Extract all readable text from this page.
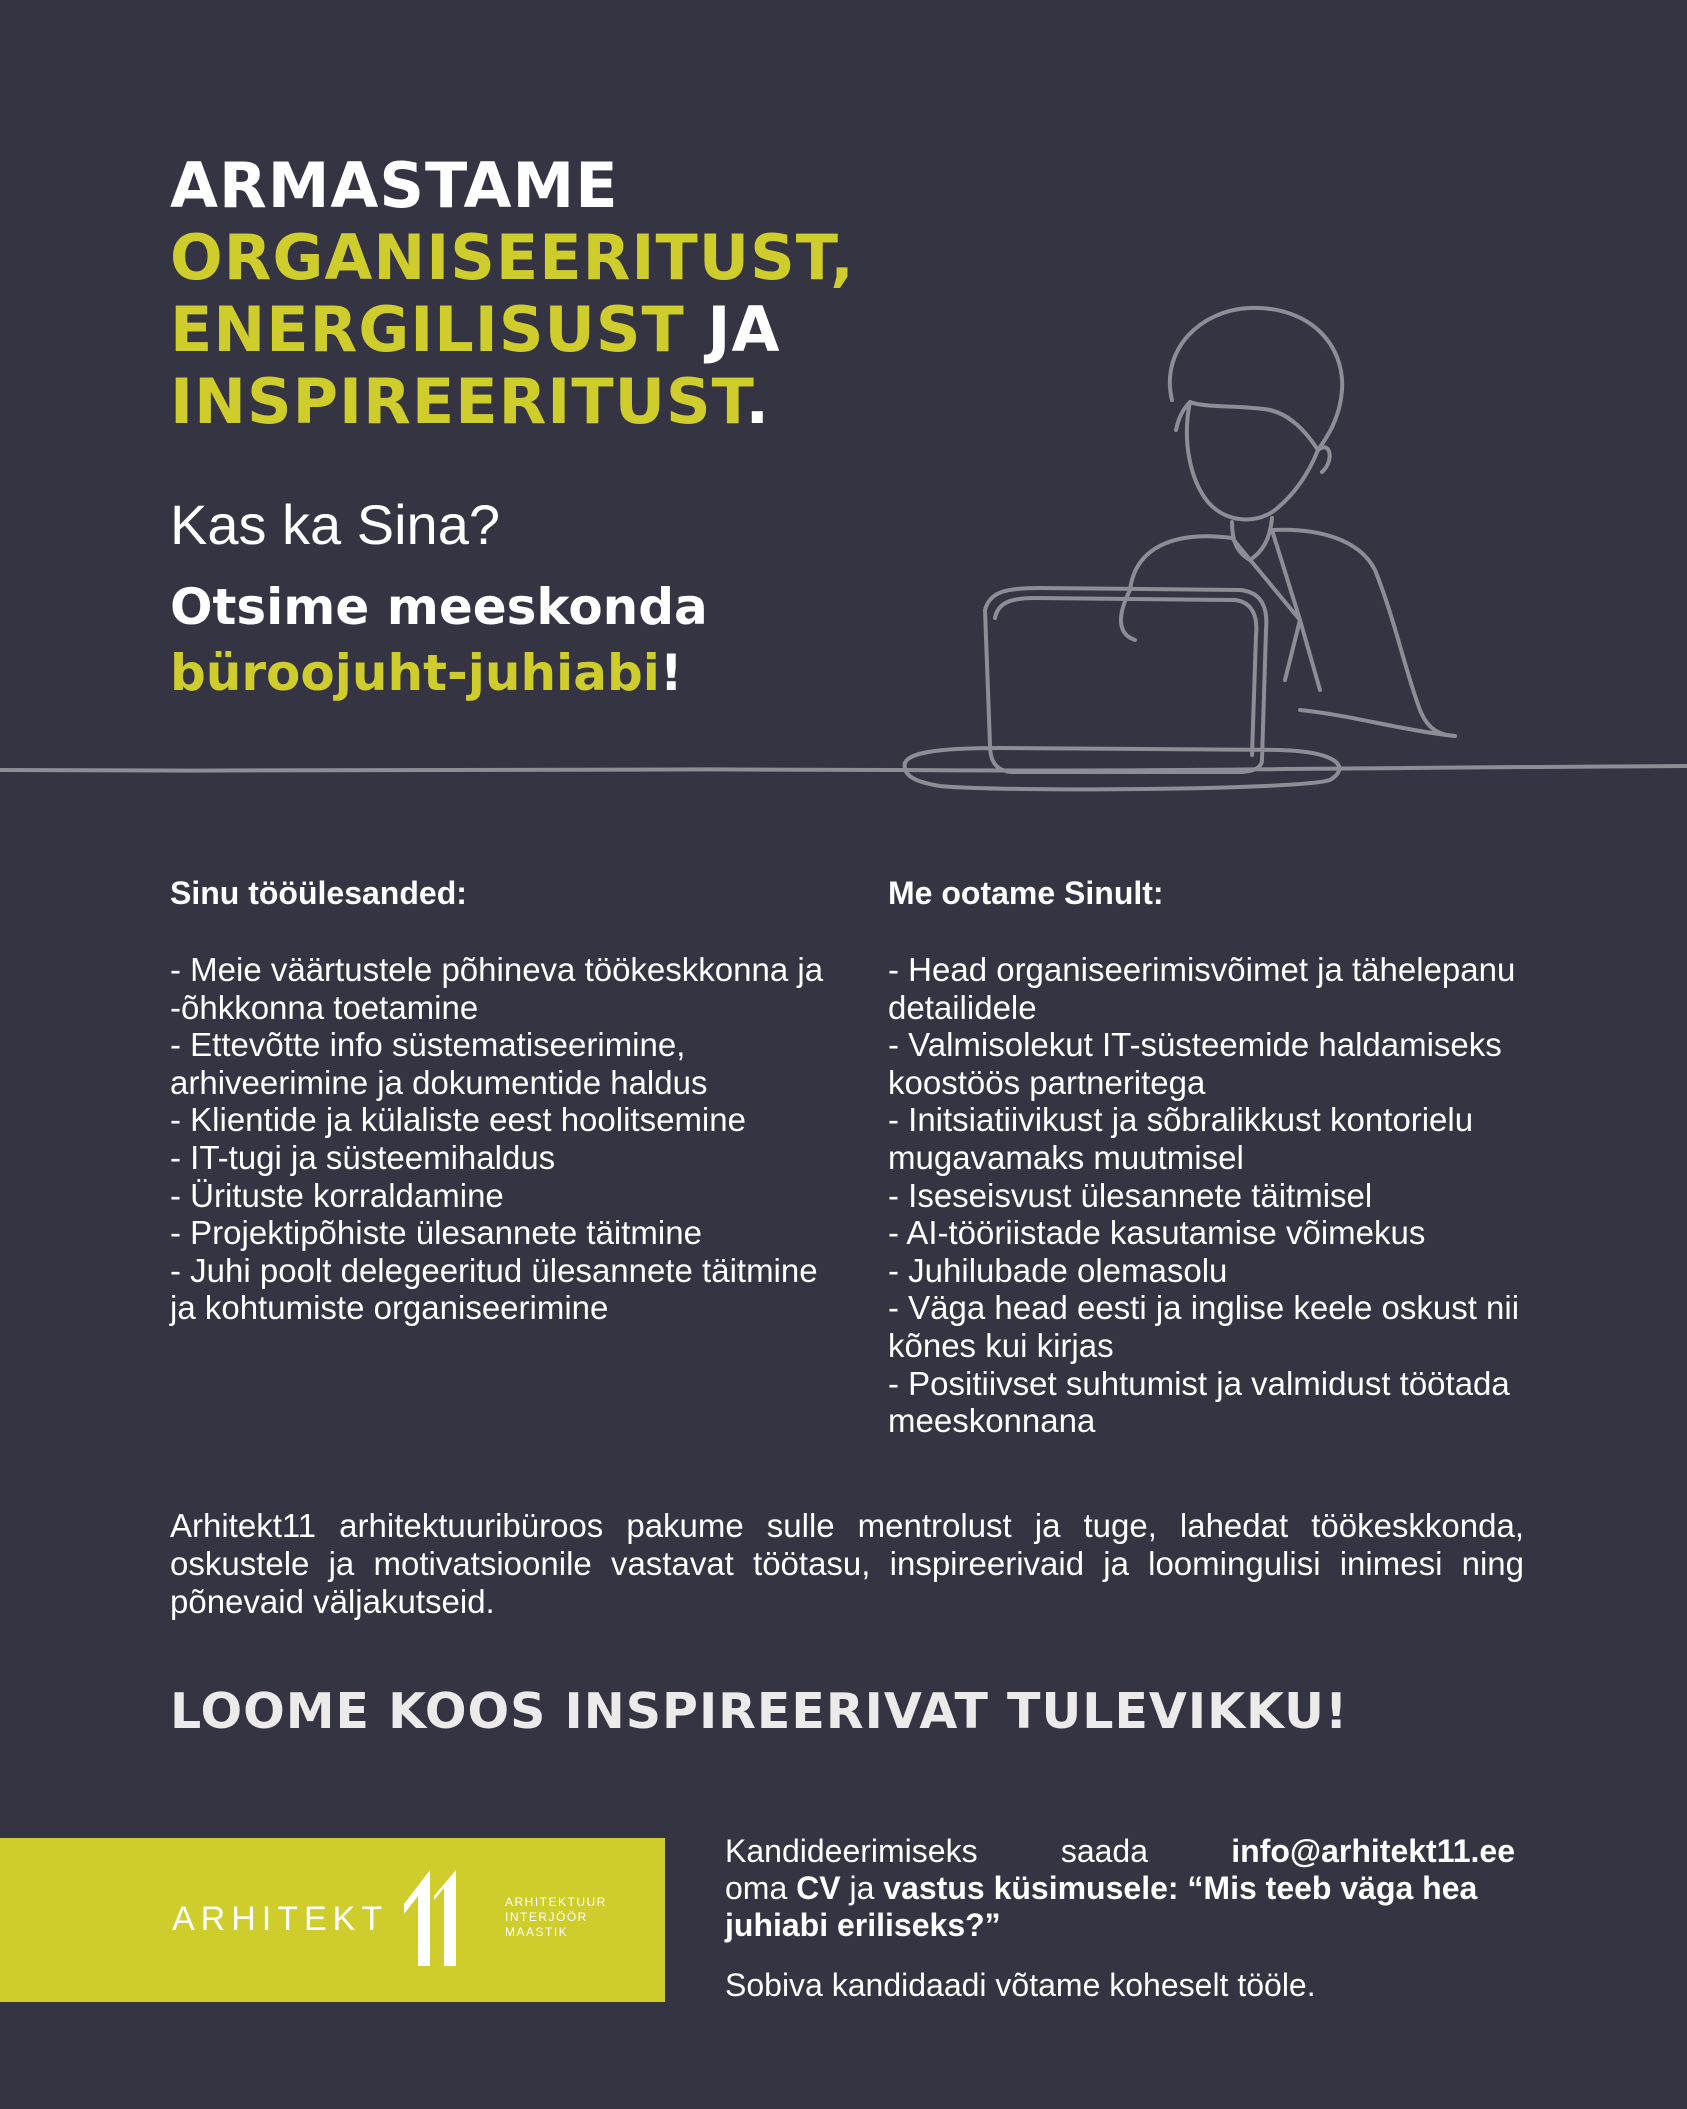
ARMASTAME
ORGANISEERITUST,
ENERGILISUST JA
INSPIREERITUST.
Kas ka Sina?
Otsime meeskonda
büroojuht-juhiabi!
Sinu tööülesanded:
- Meie väärtustele põhineva töökeskkonna ja -õhkkonna toetamine
- Ettevõtte info süstematiseerimine, arhiveerimine ja dokumentide haldus
- Klientide ja külaliste eest hoolitsemine
- IT-tugi ja süsteemihaldus
- Ürituste korraldamine
- Projektipõhiste ülesannete täitmine
- Juhi poolt delegeeritud ülesannete täitmine ja kohtumiste organiseerimine
Me ootame Sinult:
- Head organiseerimisvõimet ja tähelepanu detailidele
- Valmisolekut IT-süsteemide haldamiseks koostöös partneritega
- Initsiatiivikust ja sõbralikkust kontorielu mugavamaks muutmisel
- Iseseisvust ülesannete täitmisel
- AI-tööriistade kasutamise võimekus
- Juhilubade olemasolu
- Väga head eesti ja inglise keele oskust nii kõnes kui kirjas
- Positiivset suhtumist ja valmidust töötada meeskonnana

Arhitekt11 arhitektuuribüroos pakume sulle mentrolust ja tuge, lahedat töökeskkonda, oskustele ja motivatsioonile vastavat töötasu, inspireerivaid ja loomingulisi inimesi ning põnevaid väljakutseid.

LOOME KOOS INSPIREERIVAT TULEVIKKU!
ARHITEKT	ARHITEKTUUR
INTERJÖÖR
MAASTIK
Kandideerimiseks	saada	info@arhitekt11.ee
oma CV ja vastus küsimusele: “Mis teeb väga hea juhiabi eriliseks?”
Sobiva kandidaadi võtame koheselt tööle.
